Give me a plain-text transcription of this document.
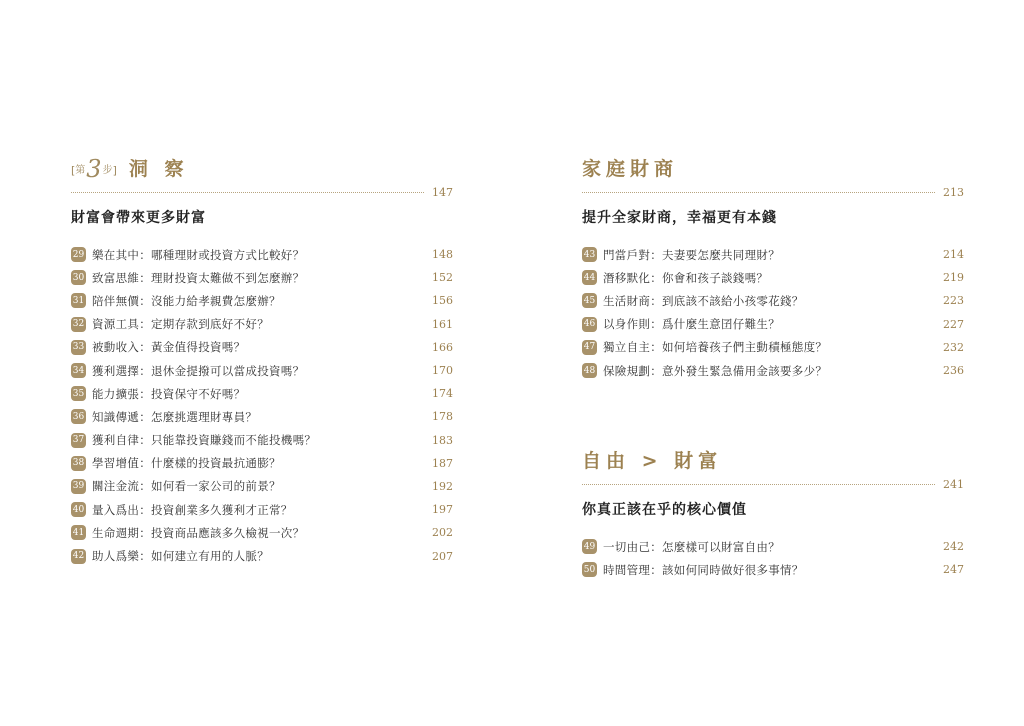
[ 第 3 步 ] 洞 察
147
財富會帶來更多財富
29 樂在其中：哪種理財或投資方式比較好？	148
30 致富思維：理財投資太難做不到怎麼辦？	152
31 陪伴無價：沒能力給孝親費怎麼辦？	156
32 資源工具：定期存款到底好不好？	161
33 被動收入：黃金值得投資嗎？	166
34 獲利選擇：退休金提撥可以當成投資嗎？	170
35 能力擴張：投資保守不好嗎？	174
36 知識傳遞：怎麼挑選理財專員？	178
37 獲利自律：只能靠投資賺錢而不能投機嗎？	183
38 學習增值：什麼樣的投資最抗通膨？	187
39 關注金流：如何看一家公司的前景？	192
40 量入爲出：投資創業多久獲利才正常？	197
41 生命週期：投資商品應該多久檢視一次？	202
42 助人爲樂：如何建立有用的人脈？	207
家庭財商
213
提升全家財商，幸福更有本錢
43 門當戶對：夫妻要怎麼共同理財？	214
44 潛移默化：你會和孩子談錢嗎？	219
45 生活財商：到底該不該給小孩零花錢？	223
46 以身作則：爲什麼生意囝仔難生？	227
47 獨立自主：如何培養孩子們主動積極態度？	232
48 保險規劃：意外發生緊急備用金該要多少？	236
自由 > 財富
241
你真正該在乎的核心價值
49 一切由己：怎麼樣可以財富自由？	242
50 時間管理：該如何同時做好很多事情？	247
